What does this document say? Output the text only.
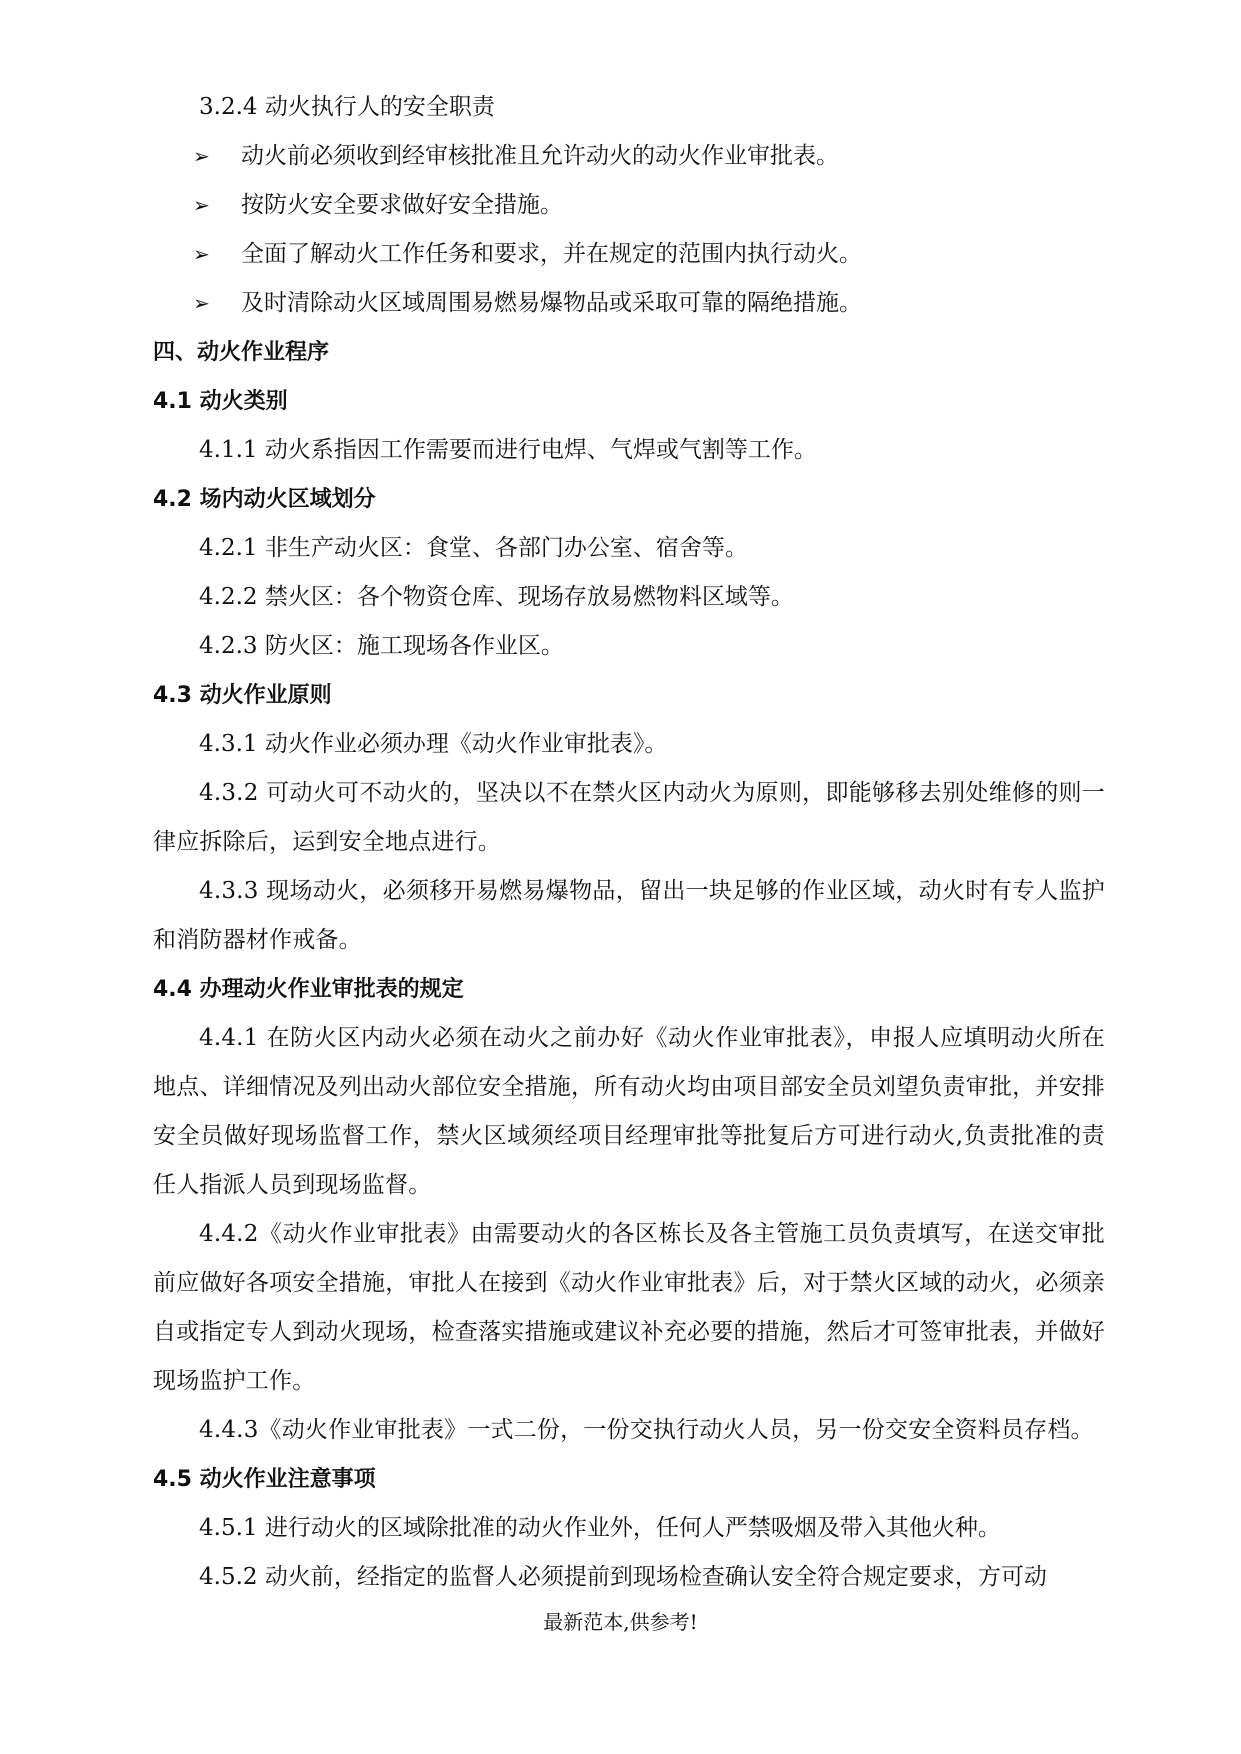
3.2.4 动火执行人的安全职责
➢	动火前必须收到经审核批准且允许动火的动火作业审批表。
➢	按防火安全要求做好安全措施。
➢	全面了解动火工作任务和要求，并在规定的范围内执行动火。
➢	及时清除动火区域周围易燃易爆物品或采取可靠的隔绝措施。
四、动火作业程序
4.1 动火类别
4.1.1 动火系指因工作需要而进行电焊、气焊或气割等工作。
4.2 场内动火区域划分
4.2.1 非生产动火区：食堂、各部门办公室、宿舍等。
4.2.2 禁火区：各个物资仓库、现场存放易燃物料区域等。
4.2.3 防火区：施工现场各作业区。
4.3 动火作业原则
4.3.1 动火作业必须办理《动火作业审批表》。
4.3.2 可动火可不动火的，坚决以不在禁火区内动火为原则，即能够移去别处维修的则一律应拆除后，运到安全地点进行。
4.3.3 现场动火，必须移开易燃易爆物品，留出一块足够的作业区域，动火时有专人监护和消防器材作戒备。
4.4 办理动火作业审批表的规定
4.4.1 在防火区内动火必须在动火之前办好《动火作业审批表》，申报人应填明动火所在地点、详细情况及列出动火部位安全措施，所有动火均由项目部安全员刘望负责审批，并安排安全员做好现场监督工作，禁火区域须经项目经理审批等批复后方可进行动火,负责批准的责任人指派人员到现场监督。
4.4.2《动火作业审批表》由需要动火的各区栋长及各主管施工员负责填写，在送交审批前应做好各项安全措施，审批人在接到《动火作业审批表》后，对于禁火区域的动火，必须亲自或指定专人到动火现场，检查落实措施或建议补充必要的措施，然后才可签审批表，并做好现场监护工作。
4.4.3《动火作业审批表》一式二份，一份交执行动火人员，另一份交安全资料员存档。
4.5 动火作业注意事项
4.5.1 进行动火的区域除批准的动火作业外，任何人严禁吸烟及带入其他火种。
4.5.2 动火前，经指定的监督人必须提前到现场检查确认安全符合规定要求，方可动
最新范本,供参考!
